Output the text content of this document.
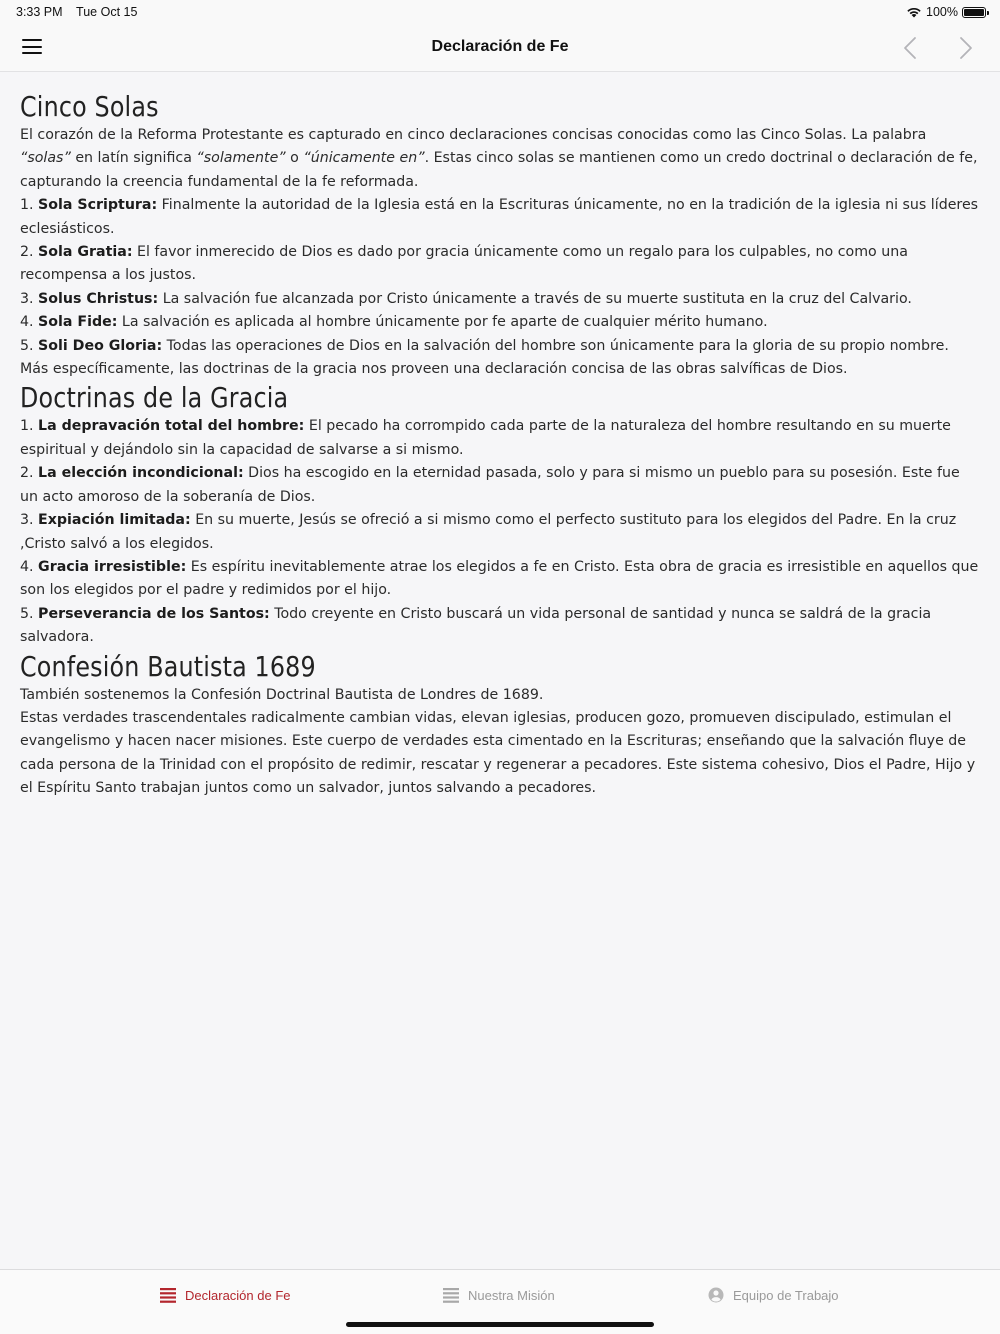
3:33 PM Tue Oct 15	100%
Declaración de Fe
Cinco Solas

El corazón de la Reforma Protestante es capturado en cinco declaraciones concisas conocidas como las Cinco Solas. La palabra “solas” en latín significa “solamente” o “únicamente en”. Estas cinco solas se mantienen como un credo doctrinal o declaración de fe, capturando la creencia fundamental de la fe reformada.

1. Sola Scriptura: Finalmente la autoridad de la Iglesia está en la Escrituras únicamente, no en la tradición de la iglesia ni sus líderes eclesiásticos.

2. Sola Gratia: El favor inmerecido de Dios es dado por gracia únicamente como un regalo para los culpables, no como una recompensa a los justos.

3. Solus Christus: La salvación fue alcanzada por Cristo únicamente a través de su muerte sustituta en la cruz del Calvario.

4. Sola Fide: La salvación es aplicada al hombre únicamente por fe aparte de cualquier mérito humano.

5. Soli Deo Gloria: Todas las operaciones de Dios en la salvación del hombre son únicamente para la gloria de su propio nombre.

Más específicamente, las doctrinas de la gracia nos proveen una declaración concisa de las obras salvíficas de Dios.

Doctrinas de la Gracia

1. La depravación total del hombre: El pecado ha corrompido cada parte de la naturaleza del hombre resultando en su muerte espiritual y dejándolo sin la capacidad de salvarse a si mismo.

2. La elección incondicional: Dios ha escogido en la eternidad pasada, solo y para si mismo un pueblo para su posesión. Este fue un acto amoroso de la soberanía de Dios.

3. Expiación limitada: En su muerte, Jesús se ofreció a si mismo como el perfecto sustituto para los elegidos del Padre. En la cruz ,Cristo salvó a los elegidos.

4. Gracia irresistible: Es espíritu inevitablemente atrae los elegidos a fe en Cristo. Esta obra de gracia es irresistible en aquellos que son los elegidos por el padre y redimidos por el hijo.

5. Perseverancia de los Santos: Todo creyente en Cristo buscará un vida personal de santidad y nunca se saldrá de la gracia salvadora.

Confesión Bautista 1689

También sostenemos la Confesión Doctrinal Bautista de Londres de 1689.

Estas verdades trascendentales radicalmente cambian vidas, elevan iglesias, producen gozo, promueven discipulado, estimulan el evangelismo y hacen nacer misiones. Este cuerpo de verdades esta cimentado en la Escrituras; enseñando que la salvación fluye de cada persona de la Trinidad con el propósito de redimir, rescatar y regenerar a pecadores. Este sistema cohesivo, Dios el Padre, Hijo y el Espíritu Santo trabajan juntos como un salvador, juntos salvando a pecadores.

Declaración de Fe	Nuestra Misión	Equipo de Trabajo
